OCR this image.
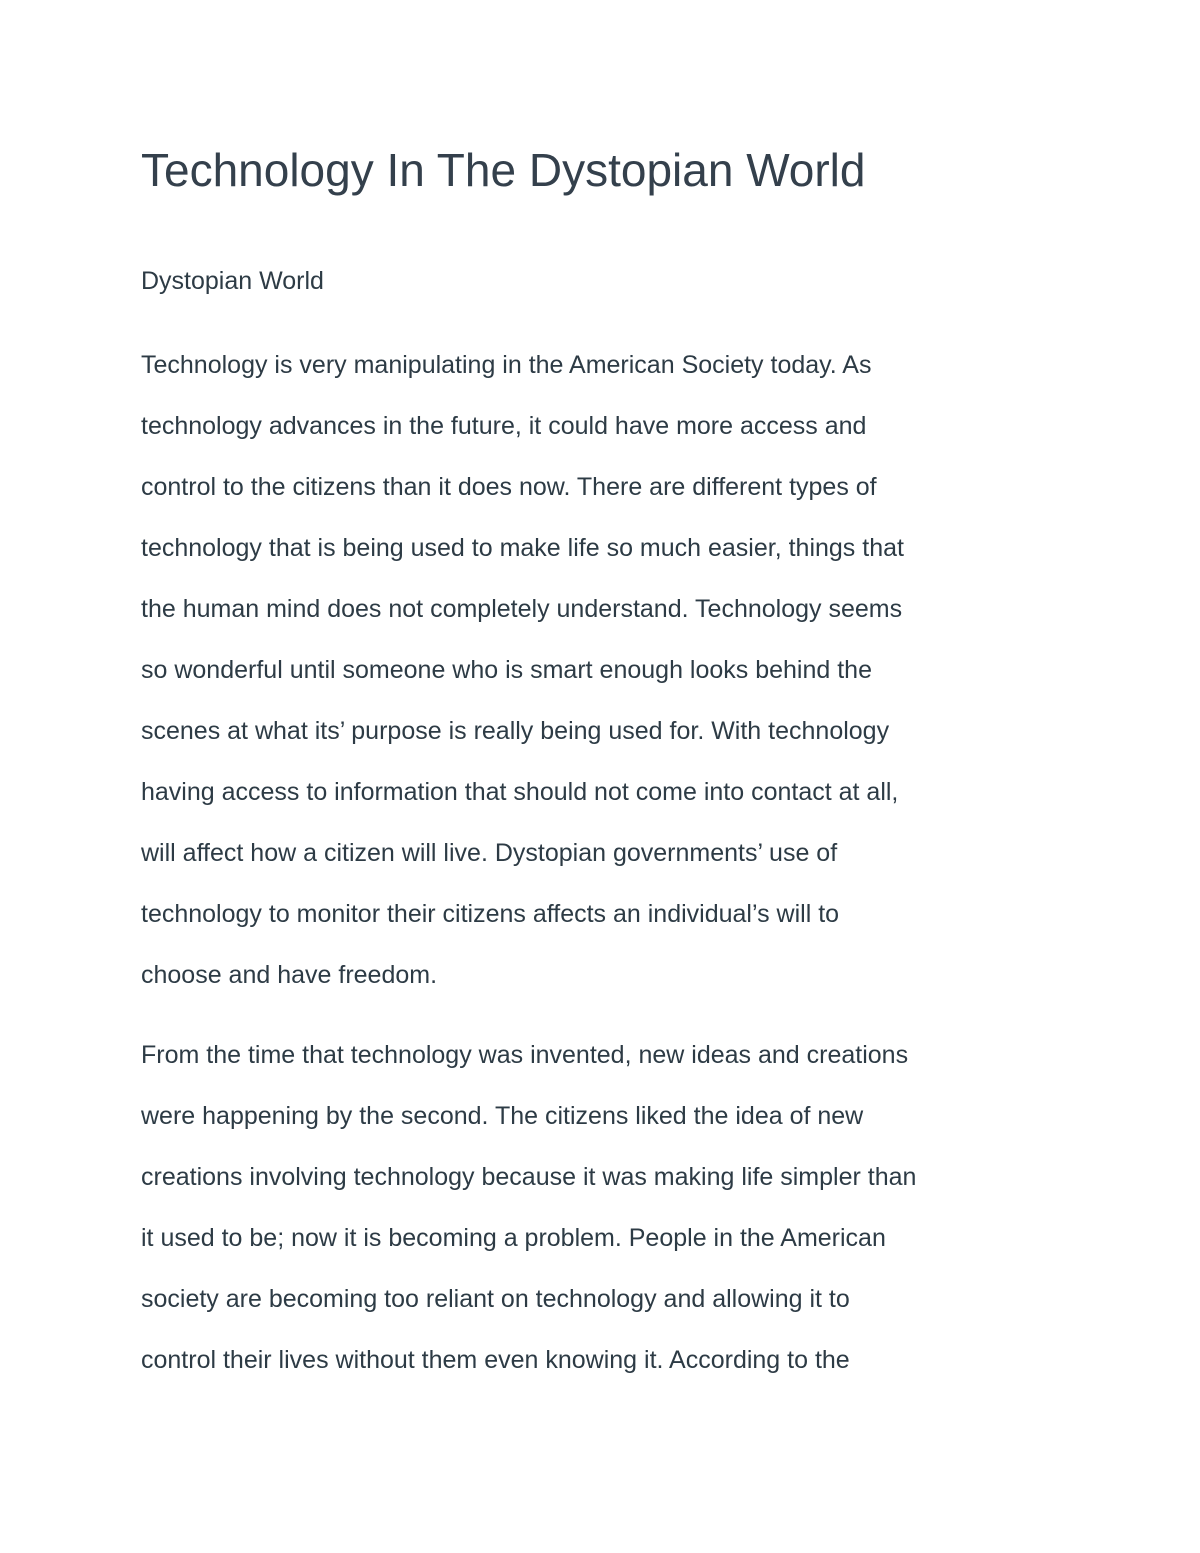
Technology In The Dystopian World
Dystopian World

Technology is very manipulating in the American Society today. As
technology advances in the future, it could have more access and
control to the citizens than it does now. There are different types of
technology that is being used to make life so much easier, things that
the human mind does not completely understand. Technology seems
so wonderful until someone who is smart enough looks behind the
scenes at what its’ purpose is really being used for. With technology
having access to information that should not come into contact at all,
will affect how a citizen will live. Dystopian governments’ use of
technology to monitor their citizens affects an individual’s will to
choose and have freedom.

From the time that technology was invented, new ideas and creations
were happening by the second. The citizens liked the idea of new
creations involving technology because it was making life simpler than
it used to be; now it is becoming a problem. People in the American
society are becoming too reliant on technology and allowing it to
control their lives without them even knowing it. According to the
